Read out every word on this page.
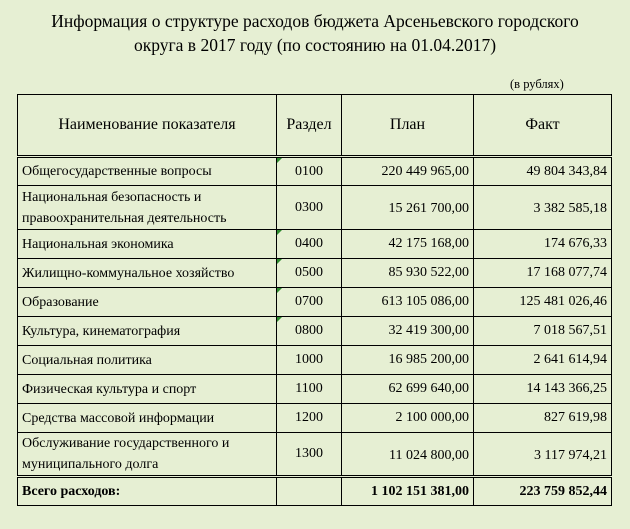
Информация о структуре расходов бюджета Арсеньевского городского
округа в 2017 году (по состоянию на 01.04.2017)
(в рублях)
Наименование показателя	Раздел	План	Факт
Общегосударственные вопросы	0100	220 449 965,00	49 804 343,84
Национальная безопасность и правоохранительная деятельность	0300	15 261 700,00	3 382 585,18
Национальная экономика	0400	42 175 168,00	174 676,33
Жилищно-коммунальное хозяйство	0500	85 930 522,00	17 168 077,74
Образование	0700	613 105 086,00	125 481 026,46
Культура, кинематография	0800	32 419 300,00	7 018 567,51
Социальная политика	1000	16 985 200,00	2 641 614,94
Физическая культура и спорт	1100	62 699 640,00	14 143 366,25
Средства массовой информации	1200	2 100 000,00	827 619,98
Обслуживание государственного и муниципального долга	1300	11 024 800,00	3 117 974,21
Всего расходов:		1 102 151 381,00	223 759 852,44
